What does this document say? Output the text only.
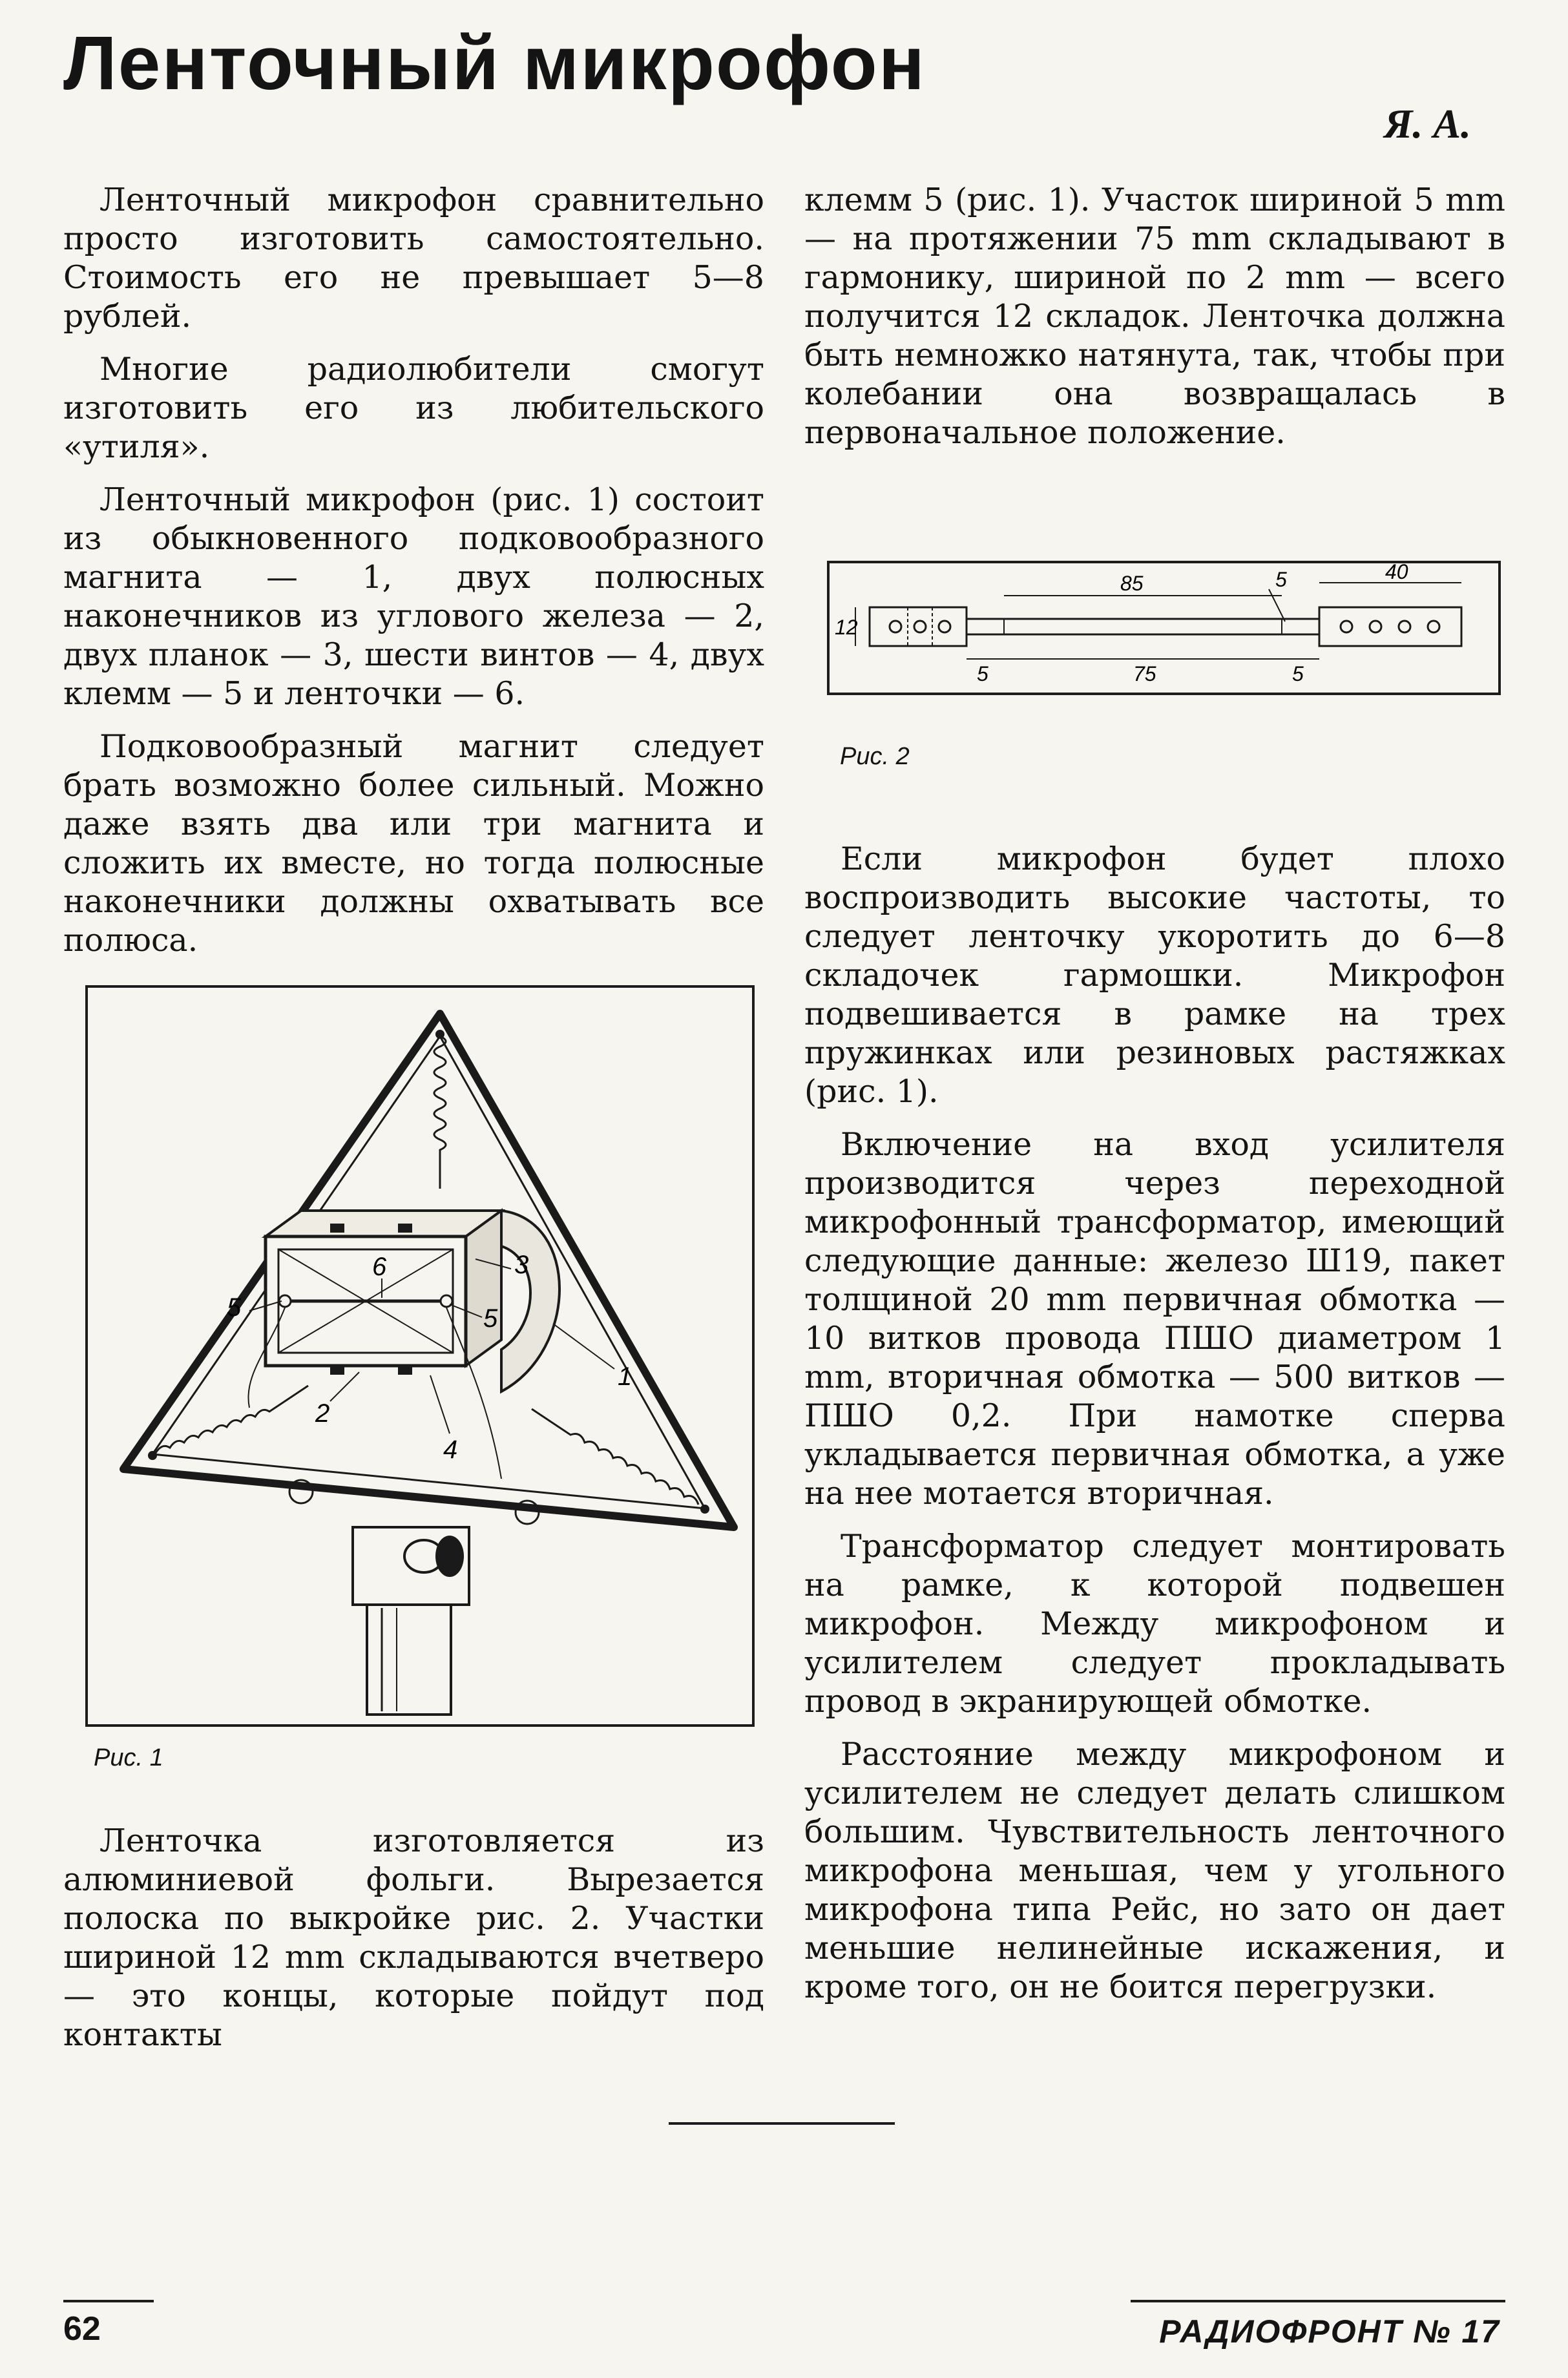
Ленточный микрофон
Я. А.

Ленточный микрофон сравнительно просто изготовить самостоятельно. Стоимость его не превышает 5—8 рублей.

Многие радиолюбители смогут изготовить его из любительского «утиля».

Ленточный микрофон (рис. 1) состоит из обыкновенного подковообразного магнита — 1, двух полюсных наконечников из углового железа — 2, двух планок — 3, шести винтов — 4, двух клемм — 5 и ленточки — 6.

Подковообразный магнит следует брать возможно более сильный. Можно даже взять два или три магнита и сложить их вместе, но тогда полюсные наконечники должны охватывать все полюса.

1
2
3
4
5	5
6
Рис. 1

Ленточка изготовляется из алюминиевой фольги. Вырезается полоска по выкройке рис. 2. Участки шириной 12 mm складываются вчетверо — это концы, которые пойдут под контакты

клемм 5 (рис. 1). Участок шириной 5 mm — на протяжении 75 mm складывают в гармонику, шириной по 2 mm — всего получится 12 складок. Ленточка должна быть немножко натянута, так, чтобы при колебании она возвращалась в первоначальное положение.

12
85	5	40
5	75	5
Рис. 2

Если микрофон будет плохо воспроизводить высокие частоты, то следует ленточку укоротить до 6—8 складочек гармошки. Микрофон подвешивается в рамке на трех пружинках или резиновых растяжках (рис. 1).

Включение на вход усилителя производится через переходной микрофонный трансформатор, имеющий следующие данные: железо Ш19, пакет толщиной 20 mm первичная обмотка — 10 витков провода ПШО диаметром 1 mm, вторичная обмотка — 500 витков — ПШО 0,2. При намотке сперва укладывается первичная обмотка, а уже на нее мотается вторичная.

Трансформатор следует монтировать на рамке, к которой подвешен микрофон. Между микрофоном и усилителем следует прокладывать провод в экранирующей обмотке.

Расстояние между микрофоном и усилителем не следует делать слишком большим. Чувствительность ленточного микрофона меньшая, чем у угольного микрофона типа Рейс, но зато он дает меньшие нелинейные искажения, и кроме того, он не боится перегрузки.

62	РАДИОФРОНТ № 17
